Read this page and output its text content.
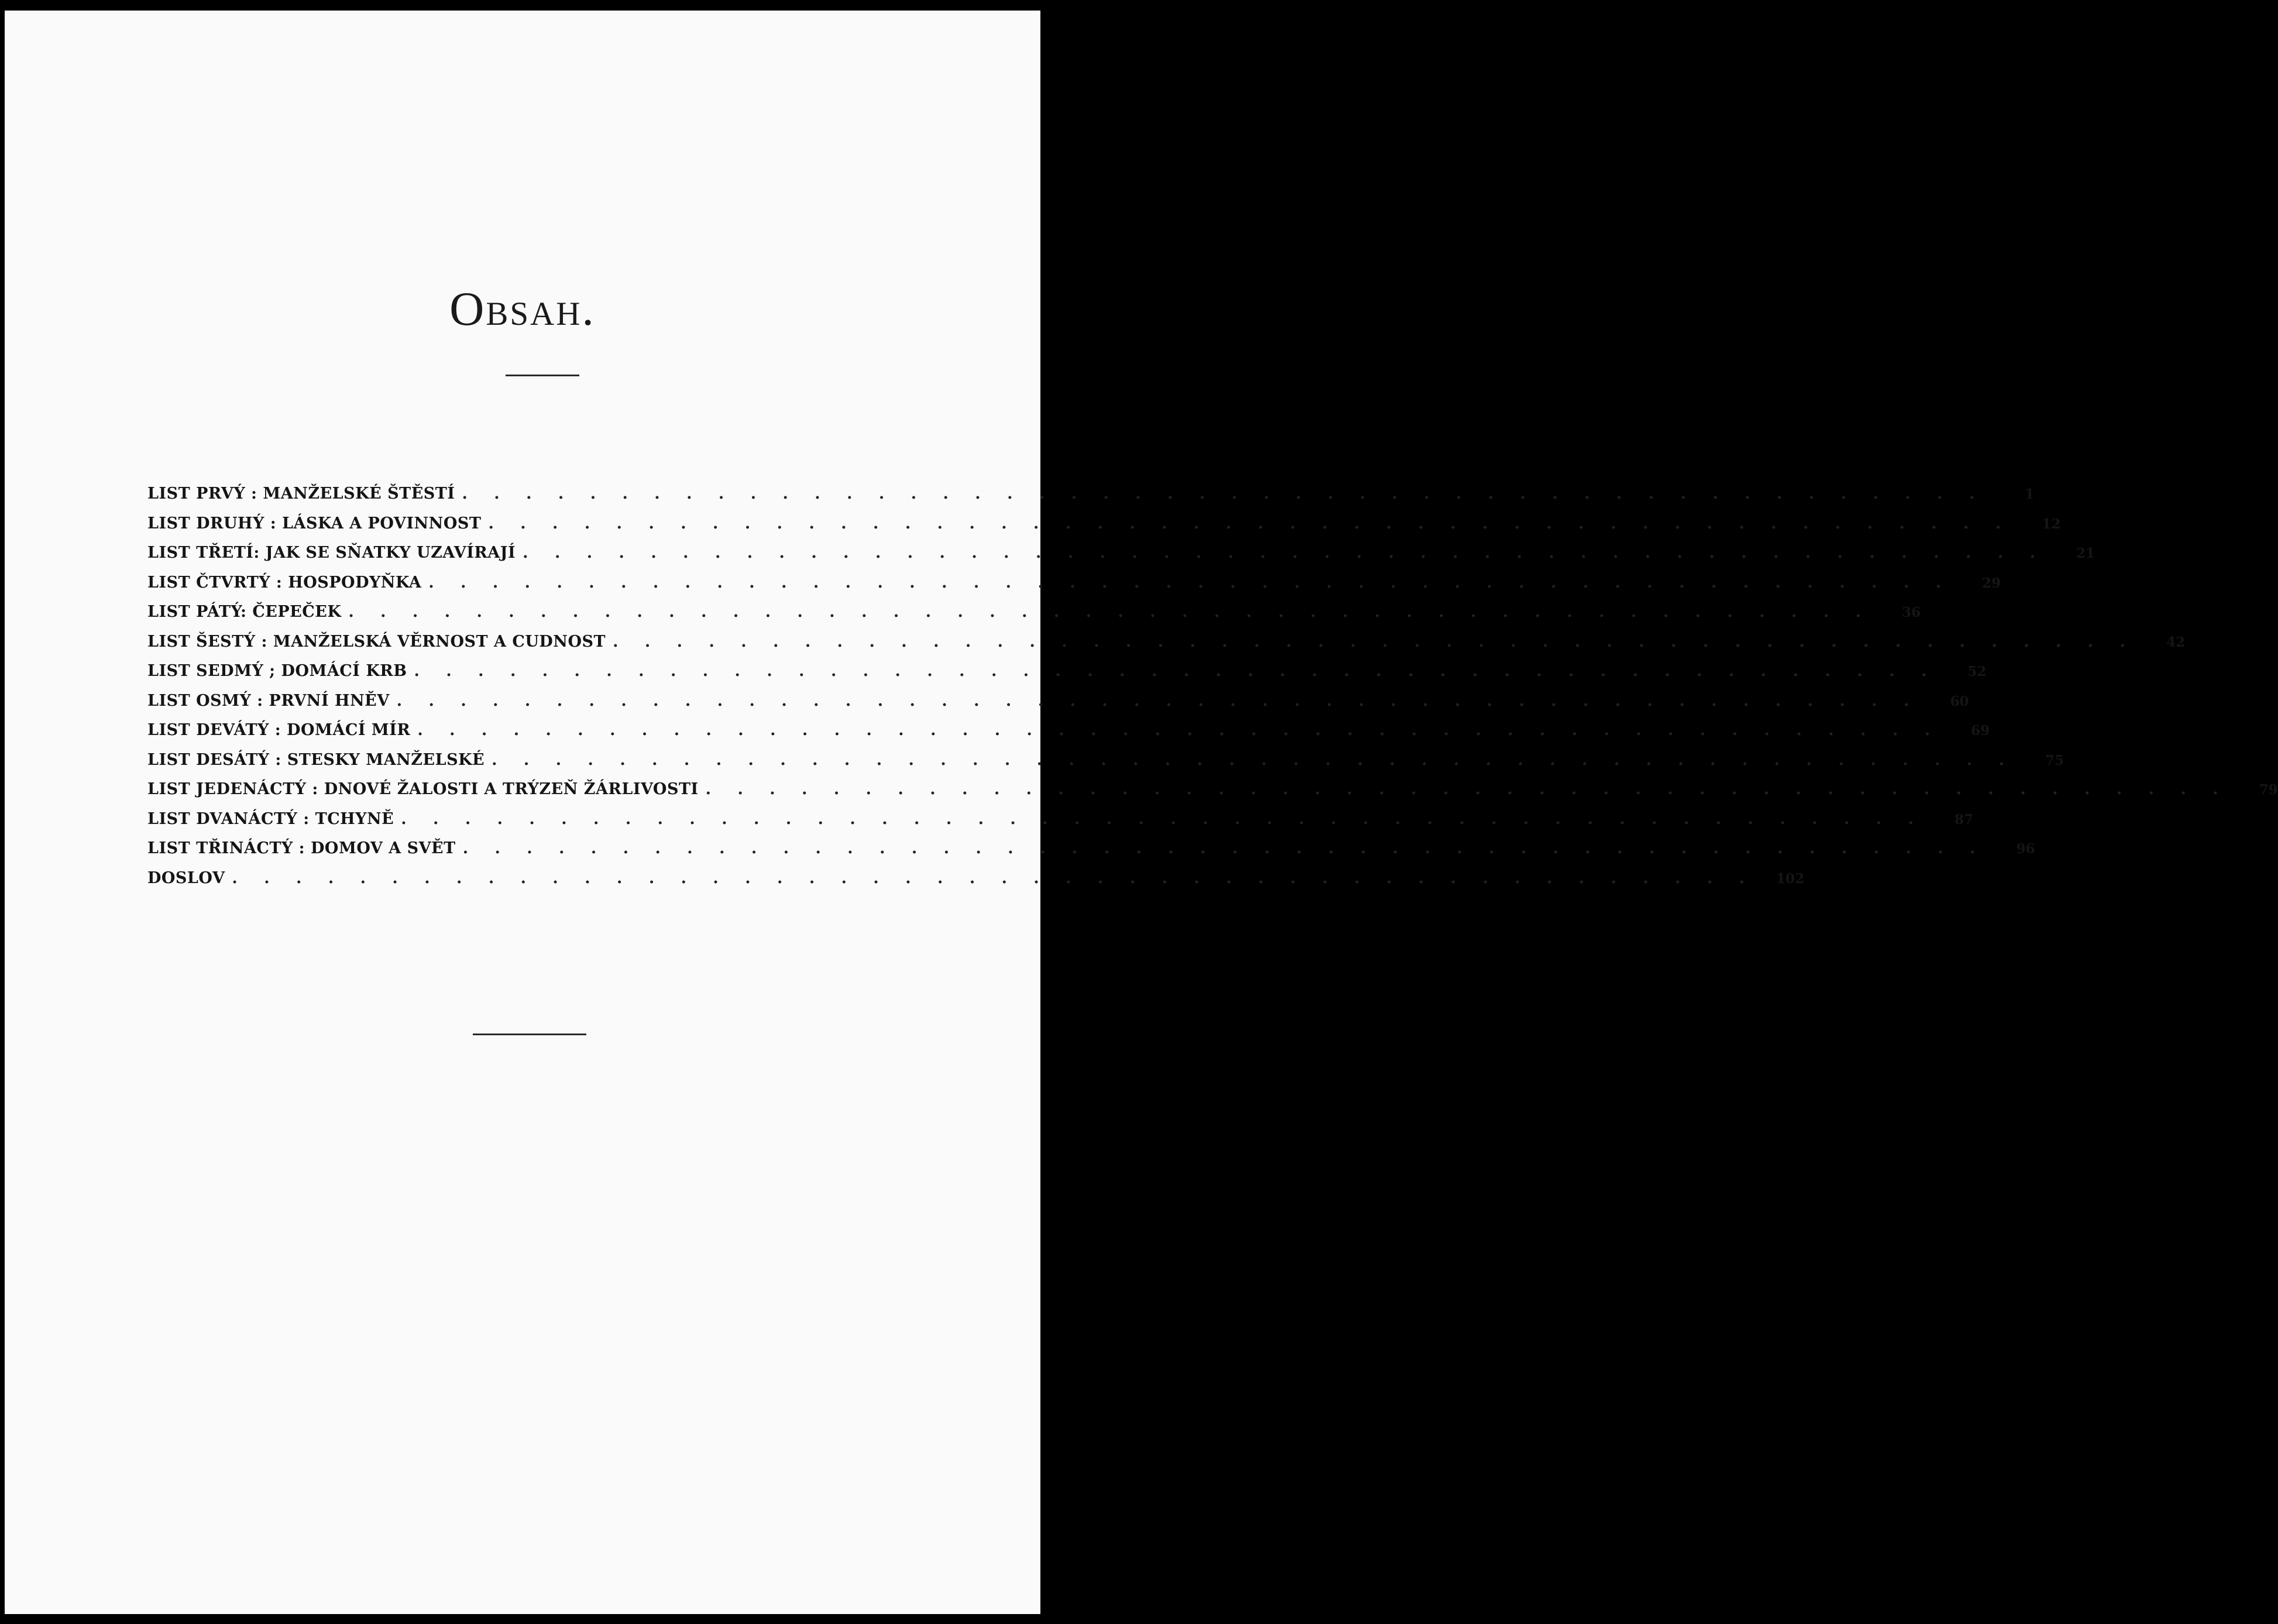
Obsah.
LIST PRVÝ : MANŽELSKÉ ŠTĚSTÍ . . . . . . . . . . . . . . . . . . . . . . . . . . . . . . . . . . . . . . . . . . . . . . . .	1
LIST DRUHÝ : LÁSKA A POVINNOST . . . . . . . . . . . . . . . . . . . . . . . . . . . . . . . . . . . . . . . . . . . . . . . .	12
LIST TŘETÍ: JAK SE SŇATKY UZAVÍRAJÍ . . . . . . . . . . . . . . . . . . . . . . . . . . . . . . . . . . . . . . . . . . . . . . . .	21
LIST ČTVRTÝ : HOSPODYŇKA . . . . . . . . . . . . . . . . . . . . . . . . . . . . . . . . . . . . . . . . . . . . . . . .	29
LIST PÁTÝ: ČEPEČEK . . . . . . . . . . . . . . . . . . . . . . . . . . . . . . . . . . . . . . . . . . . . . . . .	36
LIST ŠESTÝ : MANŽELSKÁ VĚRNOST A CUDNOST . . . . . . . . . . . . . . . . . . . . . . . . . . . . . . . . . . . . . . . . . . . . . . . .	42
LIST SEDMÝ ; DOMÁCÍ KRB . . . . . . . . . . . . . . . . . . . . . . . . . . . . . . . . . . . . . . . . . . . . . . . .	52
LIST OSMÝ : PRVNÍ HNĚV . . . . . . . . . . . . . . . . . . . . . . . . . . . . . . . . . . . . . . . . . . . . . . . .	60
LIST DEVÁTÝ : DOMÁCÍ MÍR . . . . . . . . . . . . . . . . . . . . . . . . . . . . . . . . . . . . . . . . . . . . . . . .	69
LIST DESÁTÝ : STESKY MANŽELSKÉ . . . . . . . . . . . . . . . . . . . . . . . . . . . . . . . . . . . . . . . . . . . . . . . .	75
LIST JEDENÁCTÝ : DNOVÉ ŽALOSTI A TRÝZEŇ ŽÁRLIVOSTI . . . . . . . . . . . . . . . . . . . . . . . . . . . . . . . . . . . . . . . . . . . . . . . .	79
LIST DVANÁCTÝ : TCHYNĚ . . . . . . . . . . . . . . . . . . . . . . . . . . . . . . . . . . . . . . . . . . . . . . . .	87
LIST TŘINÁCTÝ : DOMOV A SVĚT . . . . . . . . . . . . . . . . . . . . . . . . . . . . . . . . . . . . . . . . . . . . . . . .	96
DOSLOV . . . . . . . . . . . . . . . . . . . . . . . . . . . . . . . . . . . . . . . . . . . . . . . .	102
